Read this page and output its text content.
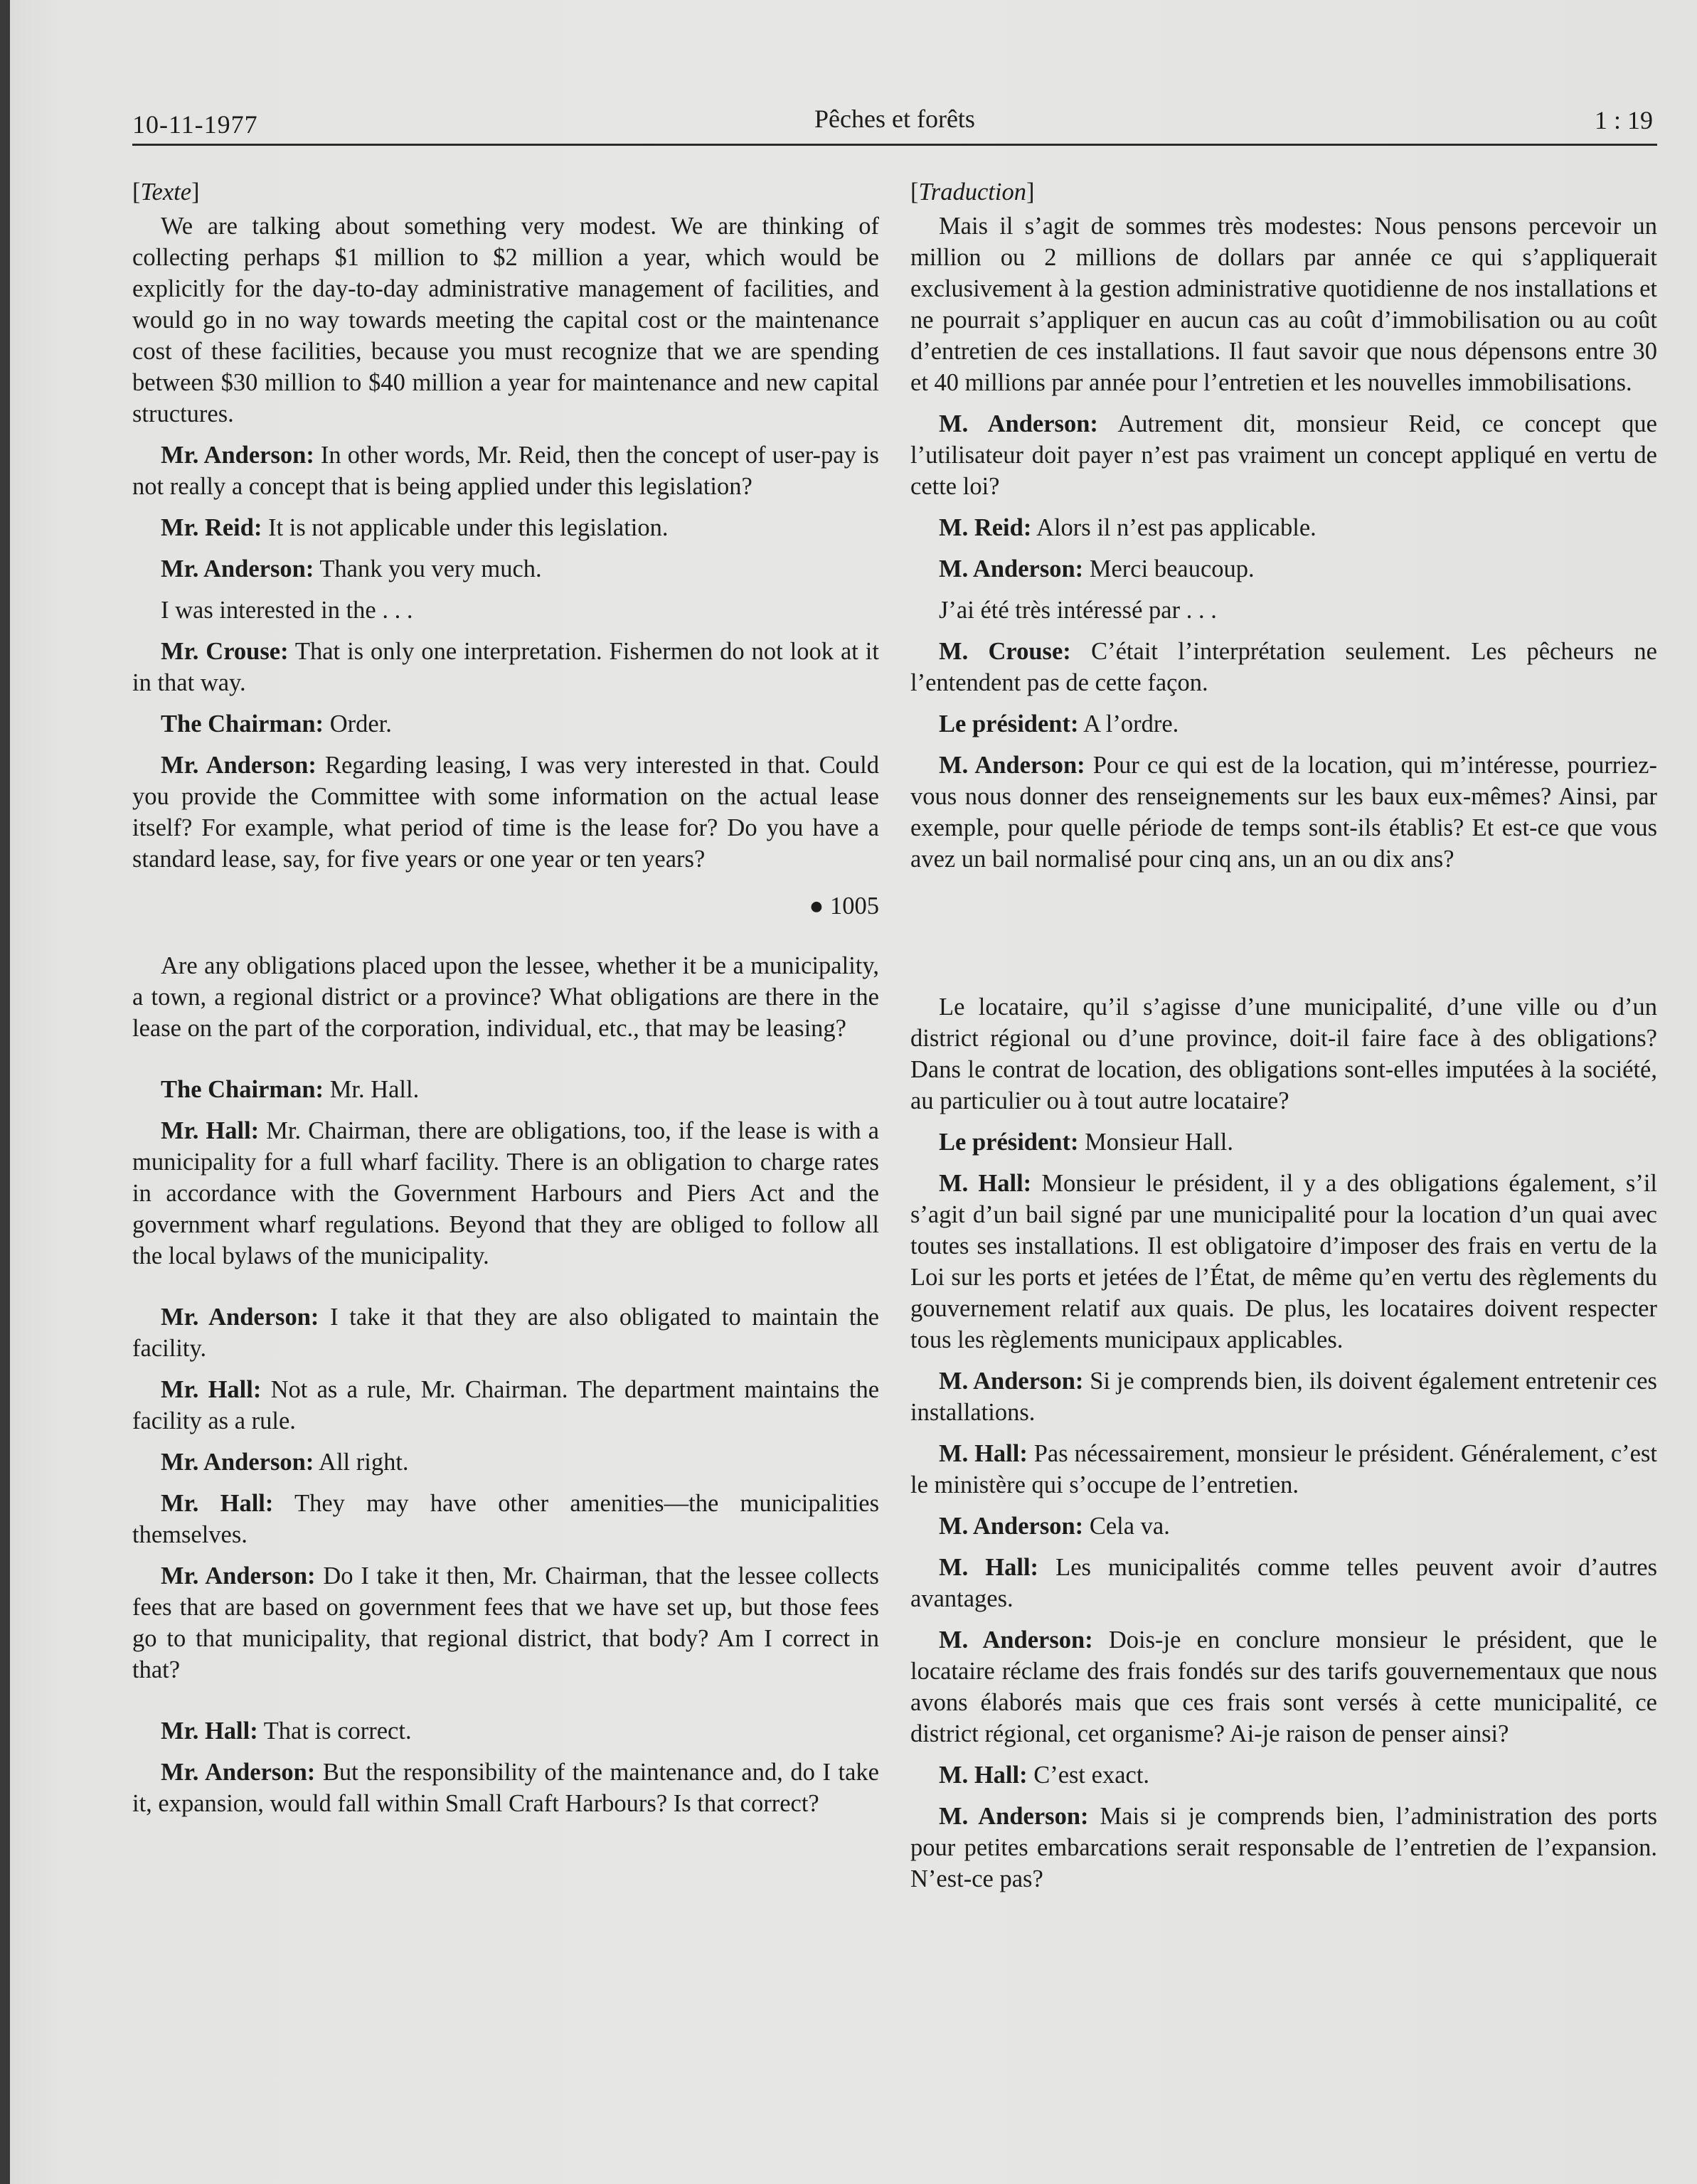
10-11-1977	Pêches et forêts	1 : 19

[Texte]

We are talking about something very modest. We are thinking of collecting perhaps $1 million to $2 million a year, which would be explicitly for the day-to-day administrative management of facilities, and would go in no way towards meeting the capital cost or the maintenance cost of these facilities, because you must recognize that we are spending between $30 million to $40 million a year for maintenance and new capital structures.

Mr. Anderson: In other words, Mr. Reid, then the concept of user-pay is not really a concept that is being applied under this legislation?

Mr. Reid: It is not applicable under this legislation.

Mr. Anderson: Thank you very much.

I was interested in the . . .

Mr. Crouse: That is only one interpretation. Fishermen do not look at it in that way.

The Chairman: Order.

Mr. Anderson: Regarding leasing, I was very interested in that. Could you provide the Committee with some information on the actual lease itself? For example, what period of time is the lease for? Do you have a standard lease, say, for five years or one year or ten years?

● 1005

Are any obligations placed upon the lessee, whether it be a municipality, a town, a regional district or a province? What obligations are there in the lease on the part of the corporation, individual, etc., that may be leasing?

The Chairman: Mr. Hall.

Mr. Hall: Mr. Chairman, there are obligations, too, if the lease is with a municipality for a full wharf facility. There is an obligation to charge rates in accordance with the Government Harbours and Piers Act and the government wharf regulations. Beyond that they are obliged to follow all the local bylaws of the municipality.

Mr. Anderson: I take it that they are also obligated to maintain the facility.

Mr. Hall: Not as a rule, Mr. Chairman. The department maintains the facility as a rule.

Mr. Anderson: All right.

Mr. Hall: They may have other amenities—the municipalities themselves.

Mr. Anderson: Do I take it then, Mr. Chairman, that the lessee collects fees that are based on government fees that we have set up, but those fees go to that municipality, that regional district, that body? Am I correct in that?

Mr. Hall: That is correct.

Mr. Anderson: But the responsibility of the maintenance and, do I take it, expansion, would fall within Small Craft Harbours? Is that correct?

[Traduction]

Mais il s’agit de sommes très modestes: Nous pensons percevoir un million ou 2 millions de dollars par année ce qui s’appliquerait exclusivement à la gestion administrative quotidienne de nos installations et ne pourrait s’appliquer en aucun cas au coût d’immobilisation ou au coût d’entretien de ces installations. Il faut savoir que nous dépensons entre 30 et 40 millions par année pour l’entretien et les nouvelles immobilisations.

M. Anderson: Autrement dit, monsieur Reid, ce concept que l’utilisateur doit payer n’est pas vraiment un concept appliqué en vertu de cette loi?

M. Reid: Alors il n’est pas applicable.

M. Anderson: Merci beaucoup.

J’ai été très intéressé par . . .

M. Crouse: C’était l’interprétation seulement. Les pêcheurs ne l’entendent pas de cette façon.

Le président: A l’ordre.

M. Anderson: Pour ce qui est de la location, qui m’intéresse, pourriez-vous nous donner des renseignements sur les baux eux-mêmes? Ainsi, par exemple, pour quelle période de temps sont-ils établis? Et est-ce que vous avez un bail normalisé pour cinq ans, un an ou dix ans?

Le locataire, qu’il s’agisse d’une municipalité, d’une ville ou d’un district régional ou d’une province, doit-il faire face à des obligations? Dans le contrat de location, des obligations sont-elles imputées à la société, au particulier ou à tout autre locataire?

Le président: Monsieur Hall.

M. Hall: Monsieur le président, il y a des obligations également, s’il s’agit d’un bail signé par une municipalité pour la location d’un quai avec toutes ses installations. Il est obligatoire d’imposer des frais en vertu de la Loi sur les ports et jetées de l’État, de même qu’en vertu des règlements du gouvernement relatif aux quais. De plus, les locataires doivent respecter tous les règlements municipaux applicables.

M. Anderson: Si je comprends bien, ils doivent également entretenir ces installations.

M. Hall: Pas nécessairement, monsieur le président. Généralement, c’est le ministère qui s’occupe de l’entretien.

M. Anderson: Cela va.

M. Hall: Les municipalités comme telles peuvent avoir d’autres avantages.

M. Anderson: Dois-je en conclure monsieur le président, que le locataire réclame des frais fondés sur des tarifs gouvernementaux que nous avons élaborés mais que ces frais sont versés à cette municipalité, ce district régional, cet organisme? Ai-je raison de penser ainsi?

M. Hall: C’est exact.

M. Anderson: Mais si je comprends bien, l’administration des ports pour petites embarcations serait responsable de l’entretien de l’expansion. N’est-ce pas?
